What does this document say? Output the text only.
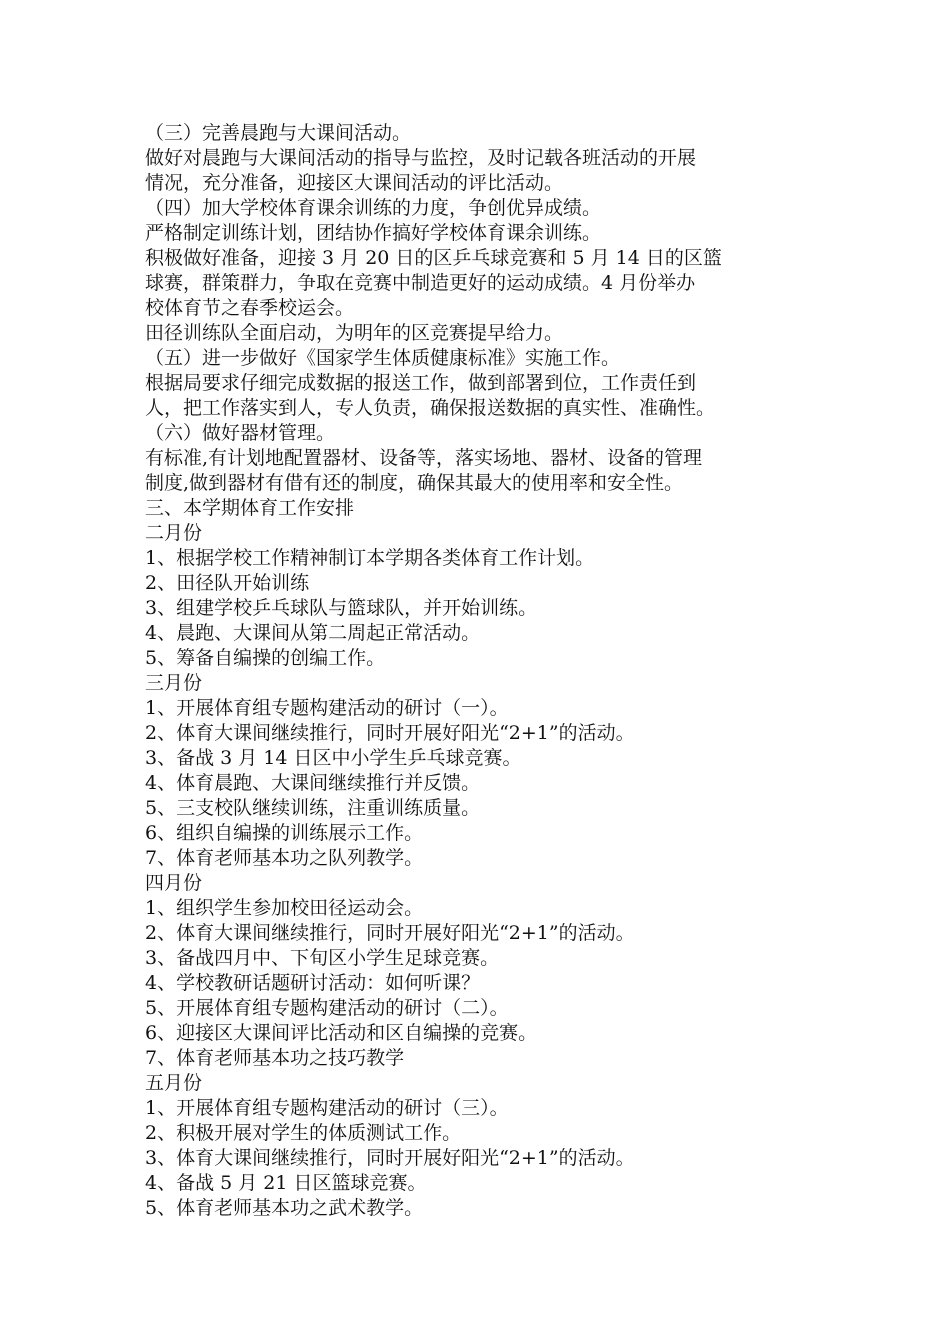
（三）完善晨跑与大课间活动。
做好对晨跑与大课间活动的指导与监控，及时记载各班活动的开展
情况，充分准备，迎接区大课间活动的评比活动。
（四）加大学校体育课余训练的力度，争创优异成绩。
严格制定训练计划，团结协作搞好学校体育课余训练。
积极做好准备，迎接 3 月 20 日的区乒乓球竞赛和 5 月 14 日的区篮
球赛，群策群力，争取在竞赛中制造更好的运动成绩。4 月份举办
校体育节之春季校运会。
田径训练队全面启动，为明年的区竞赛提早给力。
（五）进一步做好《国家学生体质健康标准》实施工作。
根据局要求仔细完成数据的报送工作，做到部署到位，工作责任到
人，把工作落实到人，专人负责，确保报送数据的真实性、准确性。
（六）做好器材管理。
有标准,有计划地配置器材、设备等，落实场地、器材、设备的管理
制度,做到器材有借有还的制度，确保其最大的使用率和安全性。
三、本学期体育工作安排
二月份
1、根据学校工作精神制订本学期各类体育工作计划。
2、田径队开始训练
3、组建学校乒乓球队与篮球队，并开始训练。
4、晨跑、大课间从第二周起正常活动。
5、筹备自编操的创编工作。
三月份
1、开展体育组专题构建活动的研讨（一）。
2、体育大课间继续推行，同时开展好阳光“2+1”的活动。
3、备战 3 月 14 日区中小学生乒乓球竞赛。
4、体育晨跑、大课间继续推行并反馈。
5、三支校队继续训练，注重训练质量。
6、组织自编操的训练展示工作。
7、体育老师基本功之队列教学。
四月份
1、组织学生参加校田径运动会。
2、体育大课间继续推行，同时开展好阳光“2+1”的活动。
3、备战四月中、下旬区小学生足球竞赛。
4、学校教研话题研讨活动：如何听课？
5、开展体育组专题构建活动的研讨（二）。
6、迎接区大课间评比活动和区自编操的竞赛。
7、体育老师基本功之技巧教学
五月份
1、开展体育组专题构建活动的研讨（三）。
2、积极开展对学生的体质测试工作。
3、体育大课间继续推行，同时开展好阳光“2+1”的活动。
4、备战 5 月 21 日区篮球竞赛。
5、体育老师基本功之武术教学。
